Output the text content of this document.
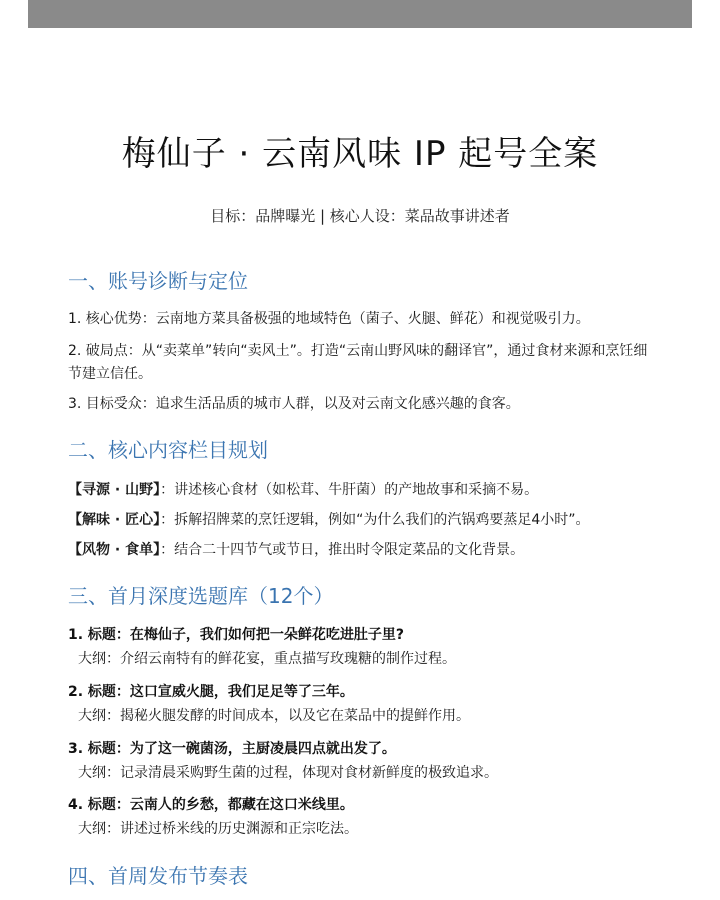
梅仙子 · 云南风味 IP 起号全案
目标：品牌曝光 | 核心人设：菜品故事讲述者
一、账号诊断与定位
1. 核心优势：云南地方菜具备极强的地域特色（菌子、火腿、鲜花）和视觉吸引力。
2. 破局点：从“卖菜单”转向“卖风土”。打造“云南山野风味的翻译官”，通过食材来源和烹饪细节建立信任。
3. 目标受众：追求生活品质的城市人群，以及对云南文化感兴趣的食客。
二、核心内容栏目规划
【寻源 · 山野】：讲述核心食材（如松茸、牛肝菌）的产地故事和采摘不易。
【解味 · 匠心】：拆解招牌菜的烹饪逻辑，例如“为什么我们的汽锅鸡要蒸足4小时”。
【风物 · 食单】：结合二十四节气或节日，推出时令限定菜品的文化背景。
三、首月深度选题库（12个）
1. 标题：在梅仙子，我们如何把一朵鲜花吃进肚子里?
大纲：介绍云南特有的鲜花宴，重点描写玫瑰糖的制作过程。
2. 标题：这口宣威火腿，我们足足等了三年。
大纲：揭秘火腿发酵的时间成本，以及它在菜品中的提鲜作用。
3. 标题：为了这一碗菌汤，主厨凌晨四点就出发了。
大纲：记录清晨采购野生菌的过程，体现对食材新鲜度的极致追求。
4. 标题：云南人的乡愁，都藏在这口米线里。
大纲：讲述过桥米线的历史渊源和正宗吃法。
四、首周发布节奏表
